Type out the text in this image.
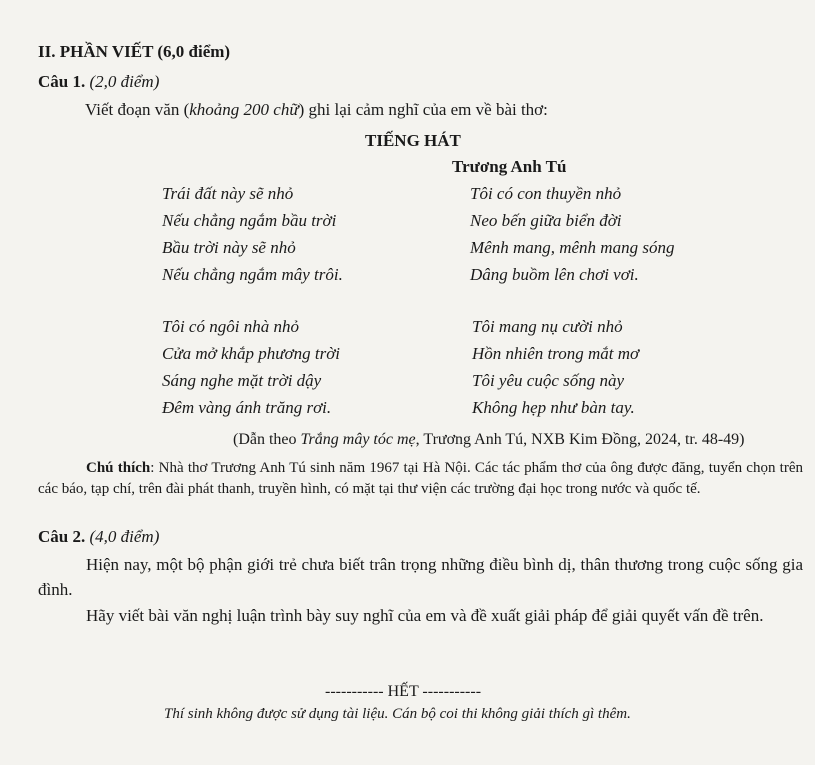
II. PHẦN VIẾT (6,0 điểm)
Câu 1. (2,0 điểm)
Viết đoạn văn (khoảng 200 chữ) ghi lại cảm nghĩ của em về bài thơ:
TIẾNG HÁT
Trương Anh Tú
Trái đất này sẽ nhỏ
Nếu chẳng ngắm bầu trời
Bầu trời này sẽ nhỏ
Nếu chẳng ngắm mây trôi.
Tôi có con thuyền nhỏ
Neo bến giữa biển đời
Mênh mang, mênh mang sóng
Dâng buồm lên chơi vơi.
Tôi có ngôi nhà nhỏ
Cửa mở khắp phương trời
Sáng nghe mặt trời dậy
Đêm vàng ánh trăng rơi.
Tôi mang nụ cười nhỏ
Hồn nhiên trong mắt mơ
Tôi yêu cuộc sống này
Không hẹp như bàn tay.
(Dẫn theo Trắng mây tóc mẹ, Trương Anh Tú, NXB Kim Đồng, 2024, tr. 48-49)
Chú thích: Nhà thơ Trương Anh Tú sinh năm 1967 tại Hà Nội. Các tác phẩm thơ của ông được đăng, tuyển chọn trên các báo, tạp chí, trên đài phát thanh, truyền hình, có mặt tại thư viện các trường đại học trong nước và quốc tế.
Câu 2. (4,0 điểm)
Hiện nay, một bộ phận giới trẻ chưa biết trân trọng những điều bình dị, thân thương trong cuộc sống gia đình.
Hãy viết bài văn nghị luận trình bày suy nghĩ của em và đề xuất giải pháp để giải quyết vấn đề trên.
----------- HẾT -----------
Thí sinh không được sử dụng tài liệu. Cán bộ coi thi không giải thích gì thêm.
